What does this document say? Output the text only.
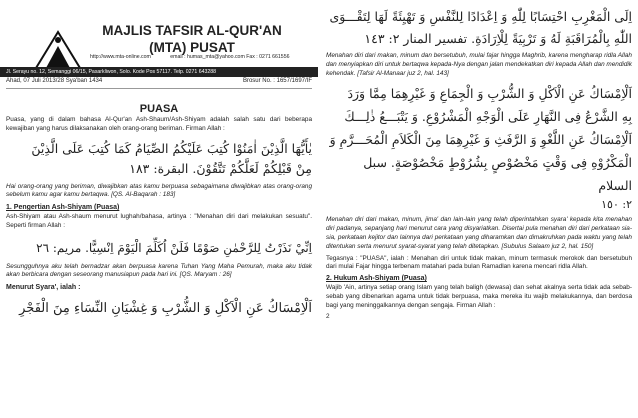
MAJLIS TAFSIR AL-QUR'AN
(MTA) PUSAT
http://www.mta-online.com	email : humas_mta@yahoo.com Fax : 0271 661556
Jl. Serayu no. 12, Semanggi 06/15, Pasarkliwon, Solo. Kode Pos 57117. Telp. 0271 643288
Ahad, 07 Juli 2013/28 Sya'ban 1434	Brosur No. : 1657/1697/IF
PUASA

Puasa, yang di dalam bahasa Al-Qur'an Ash-Shaum/Ash-Shiyam adalah salah satu dari beberapa kewajiban yang harus dilaksanakan oleh orang-orang beriman. Firman Allah :

يٰأَيُّهَا الَّذِيْنَ اٰمَنُوْا كُتِبَ عَلَيْكُمُ الصِّيَامُ كَمَا كُتِبَ عَلَى الَّذِيْنَ

مِنْ قَبْلِكُمْ لَعَلَّكُمْ تَتَّقُوْنَ. البقرة: ١٨٣

Hai orang-orang yang beriman, diwajibkan atas kamu berpuasa sebagaimana diwajibkan atas orang-orang sebelum kamu agar kamu bertaqwa. [QS. Al-Baqarah : 183]

1. Pengertian Ash-Shiyam (Puasa)

Ash-Shiyam atau Ash-shaum menurut lughah/bahasa, artinya : "Menahan diri dari melakukan sesuatu". Seperti firman Allah :

اِنِّيْ نَذَرْتُ لِلرَّحْمٰنِ صَوْمًا فَلَنْ اُكَلِّمَ الْيَوْمَ اِنْسِيًّا. مريم: ٢٦

Sesungguhnya aku telah bernadzar akan berpuasa karena Tuhan Yang Maha Pemurah, maka aku tidak akan berbicara dengan seseorang manusiapun pada hari ini. [QS. Maryam : 26]

Menurut Syara', ialah :

اَلْاِمْسَاكُ عَنِ الْاَكْلِ وَ الشُّرْبِ وَ غِشْيَانِ النِّسَاءِ مِنَ الْفَجْرِ

اِلَى الْمَغْرِبِ احْتِسَابًا لِلّٰهِ وَ اِعْدَادًا لِلنَّفْسِ وَ تَهْيِئَةً لَهَا لِتَقْـــوَى

اللّٰهِ بِالْمُرَاقَبَةِ لَهُ وَ تَرْبِيَةً لِلْاِرَادَةِ. تفسير المنار ٢: ١٤٣

Menahan diri dari makan, minum dan bersetubuh, mulai fajar hingga Maghrib, karena mengharap ridla Allah dan menyiapkan diri untuk bertaqwa kepada-Nya dengan jalan mendekatkan diri kepada Allah dan mendidik kehendak. [Tafsir Al-Manaar juz 2, hal. 143]

اَلْاِمْسَاكُ عَنِ الْاَكْلِ وَ الشُّرْبِ وَ الْجِمَاعِ وَ غَيْرِهِمَا مِمَّا وَرَدَ

بِهِ الشَّرْعُ فِى النَّهَارِ عَلَى الْوَجْهِ الْمَشْرُوْعِ. وَ يَتْبَـــعُ ذٰلِـــكَ

اَلْاِمْسَاكُ عَنِ اللَّغْوِ وَ الرَّفَثِ وَ غَيْرِهِمَا مِنَ الْكَلاَمِ الْمُحَـــرَّمِ وَ

الْمَكْرُوْهِ فِى وَقْتٍ مَخْصُوْصٍ بِشُرُوْطٍ مَخْصُوْصَةٍ. سبل السلام

٢: ١٥٠

Menahan diri dari makan, minum, jima' dan lain-lain yang telah diperintahkan syara' kepada kita menahan diri padanya, sepanjang hari menurut cara yang disyariatkan. Disertai pula menahan diri dari perkataan sia-sia, perkataan kejitor dan lainnya dari perkataan yang diharamkan dan dimakruhkan pada waktu yang telah ditentukan serta menurut syarat-syarat yang telah ditetapkan. [Subulus Salaam juz 2, hal. 150]

Tegasnya : "PUASA", ialah : Menahan diri untuk tidak makan, minum termasuk merokok dan bersetubuh dari mulai Fajar hingga terbenam matahari pada bulan Ramadlan karena mencari ridla Allah.

2. Hukum Ash-Shiyam (Puasa)

Wajib 'Ain, artinya setiap orang Islam yang telah baligh (dewasa) dan sehat akalnya serta tidak ada sebab-sebab yang dibenarkan agama untuk tidak berpuasa, maka mereka itu wajib melakukannya, dan berdosa bagi yang meninggalkannya dengan sengaja. Firman Allah :

2
